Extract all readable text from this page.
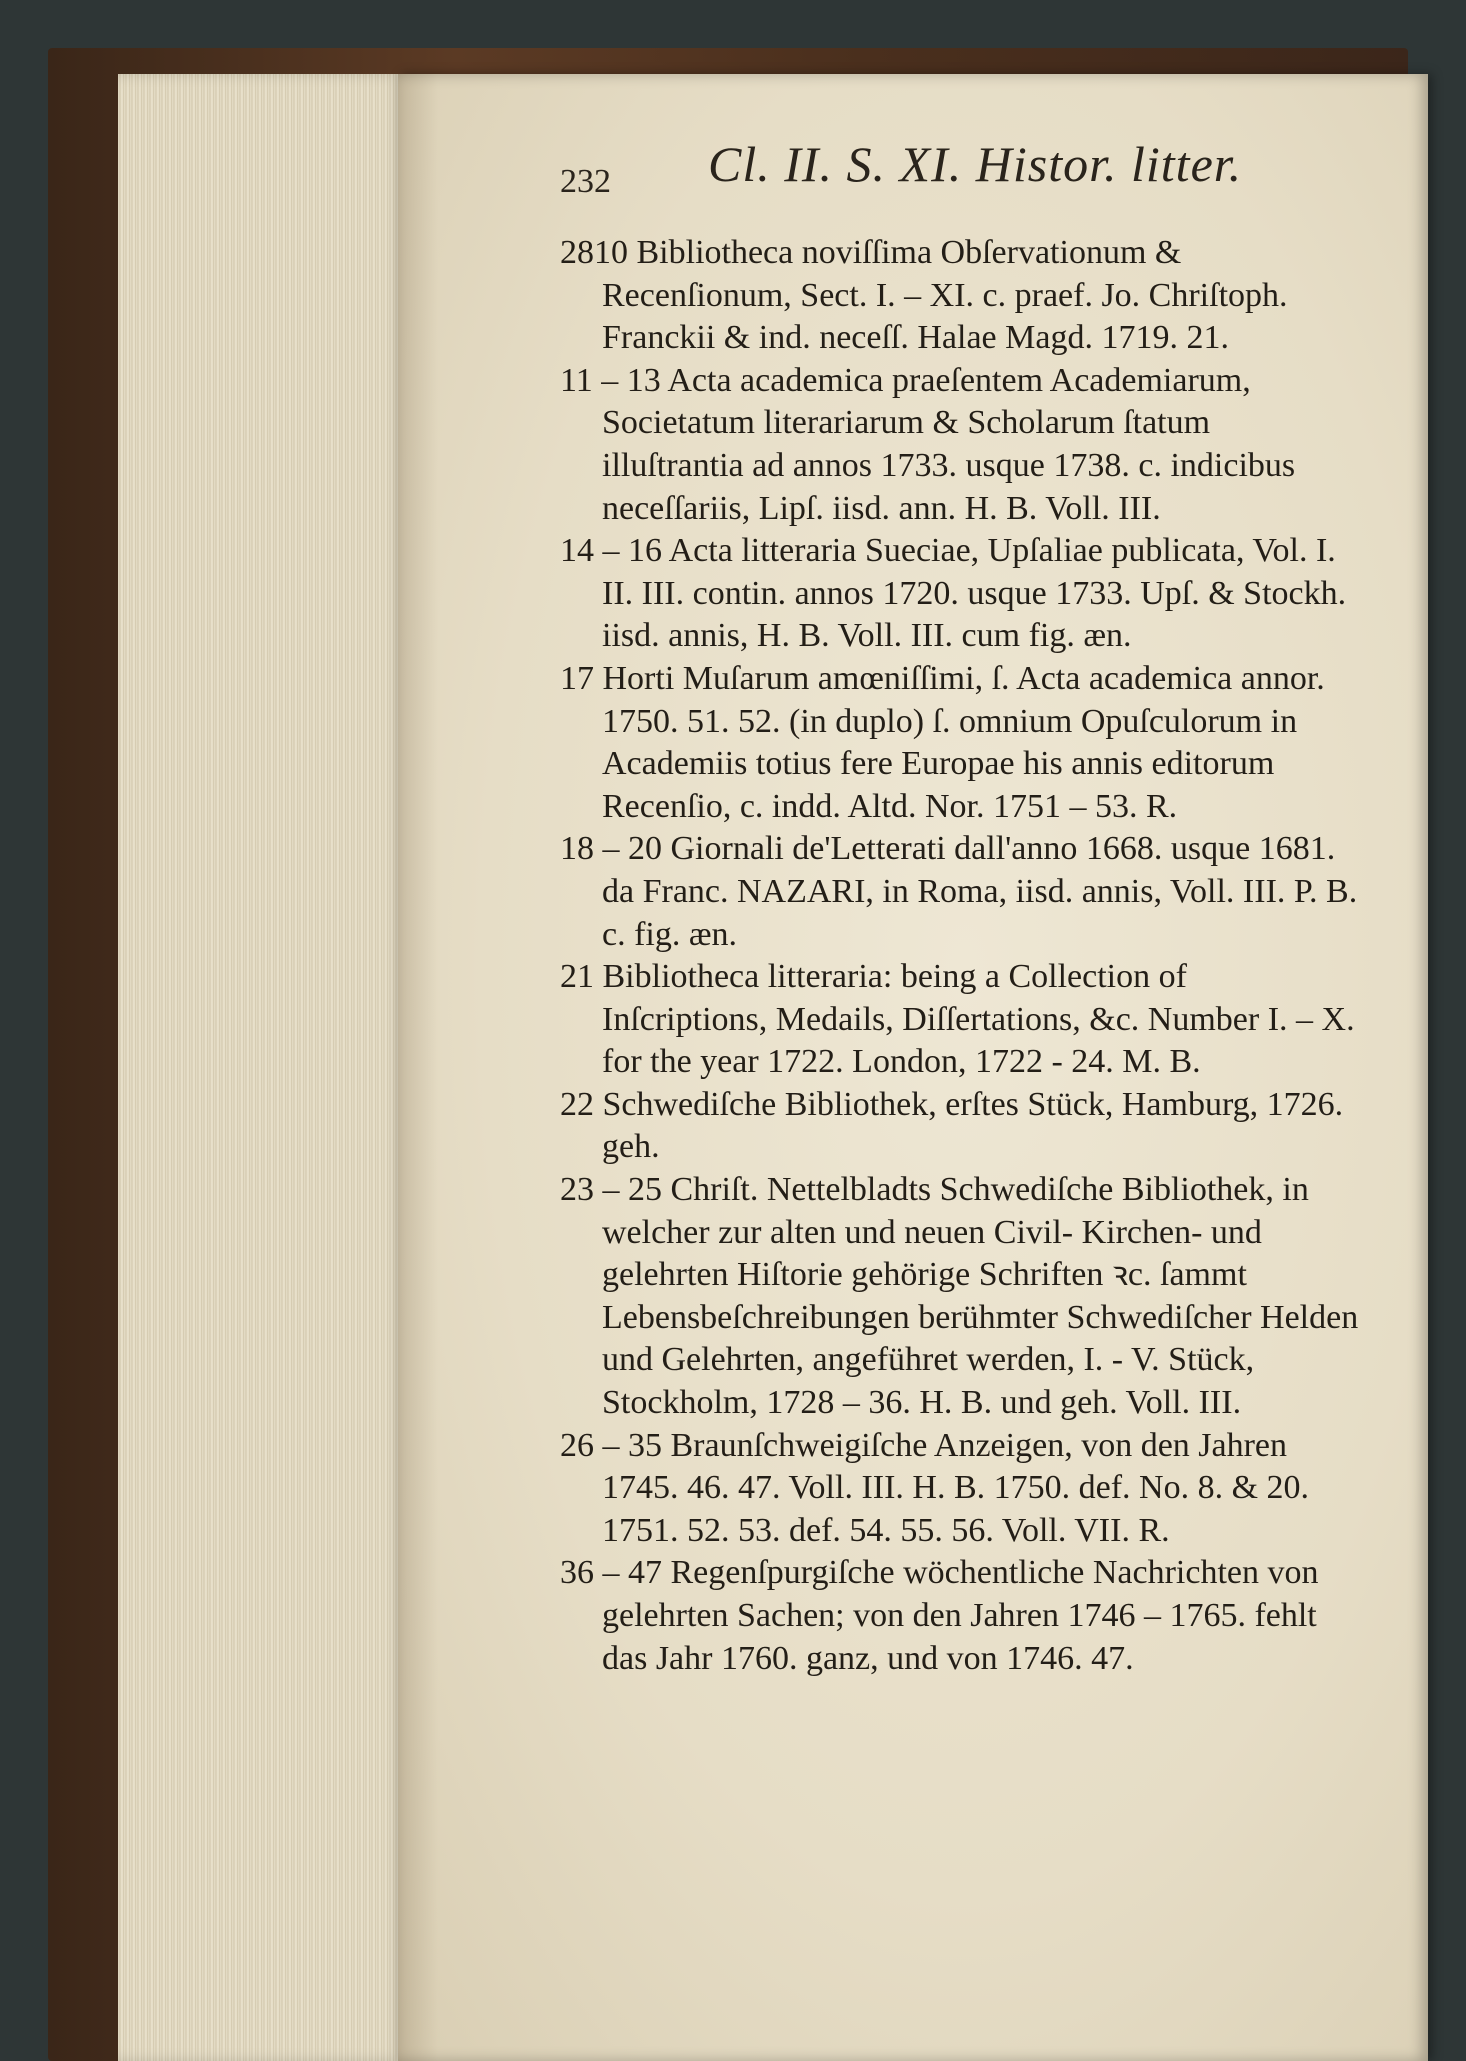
232 Cl. II. S. XI. Histor. litter.

2810 Bibliotheca noviſſima Obſervationum & Recenſionum, Sect. I. – XI. c. praef. Jo. Chriſtoph. Franckii & ind. neceſſ. Halae Magd. 1719. 21.

11 – 13 Acta academica praeſentem Academiarum, Societatum literariarum & Scholarum ſtatum illuſtrantia ad annos 1733. usque 1738. c. indicibus neceſſariis, Lipſ. iisd. ann. H. B. Voll. III.

14 – 16 Acta litteraria Sueciae, Upſaliae publicata, Vol. I. II. III. contin. annos 1720. usque 1733. Upſ. & Stockh. iisd. annis, H. B. Voll. III. cum fig. æn.

17 Horti Muſarum amœniſſimi, ſ. Acta academica annor. 1750. 51. 52. (in duplo) ſ. omnium Opuſculorum in Academiis totius fere Europae his annis editorum Recenſio, c. indd. Altd. Nor. 1751 – 53. R.

18 – 20 Giornali de'Letterati dall'anno 1668. usque 1681. da Franc. NAZARI, in Roma, iisd. annis, Voll. III. P. B. c. fig. æn.

21 Bibliotheca litteraria: being a Collection of Inſcriptions, Medails, Diſſertations, &c. Number I. – X. for the year 1722. London, 1722 - 24. M. B.

22 Schwediſche Bibliothek, erſtes Stück, Hamburg, 1726. geh.

23 – 25 Chriſt. Nettelbladts Schwediſche Bibliothek, in welcher zur alten und neuen Civil- Kirchen- und gelehrten Hiſtorie gehörige Schriften ꝛc. ſammt Lebensbeſchreibungen berühmter Schwediſcher Helden und Gelehrten, angeführet werden, I. - V. Stück, Stockholm, 1728 – 36. H. B. und geh. Voll. III.

26 – 35 Braunſchweigiſche Anzeigen, von den Jahren 1745. 46. 47. Voll. III. H. B. 1750. def. No. 8. & 20. 1751. 52. 53. def. 54. 55. 56. Voll. VII. R.

36 – 47 Regenſpurgiſche wöchentliche Nachrichten von gelehrten Sachen; von den Jahren 1746 – 1765. fehlt das Jahr 1760. ganz, und von 1746. 47.
